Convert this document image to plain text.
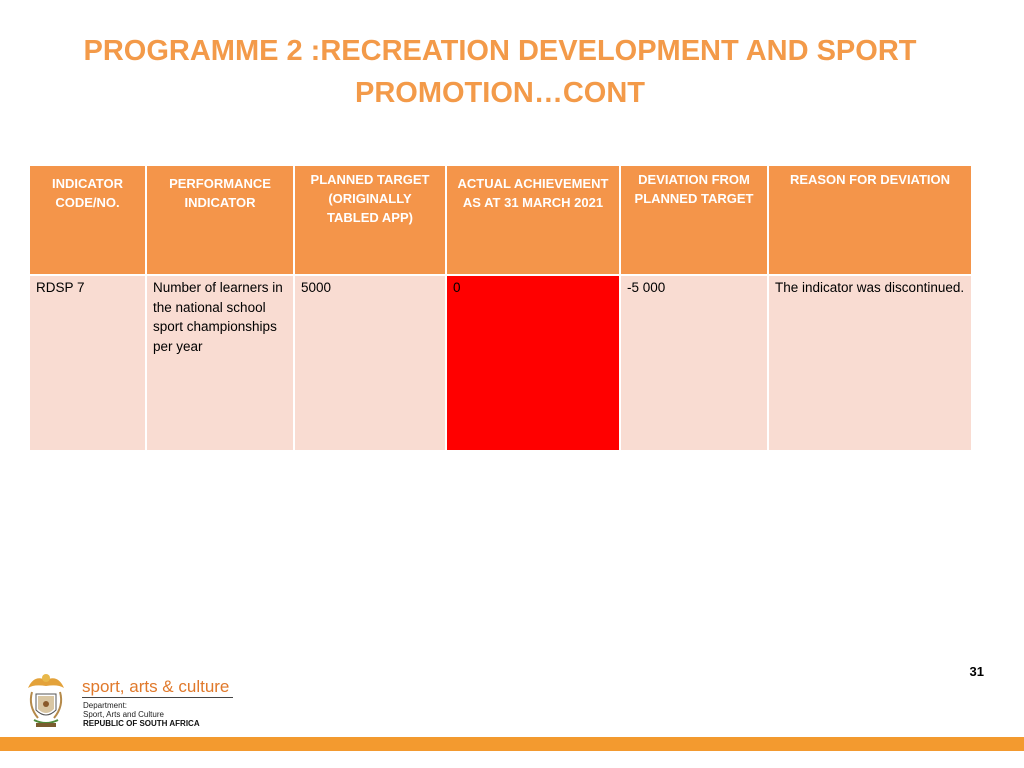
PROGRAMME 2 :RECREATION DEVELOPMENT AND SPORT
PROMOTION…CONT
INDICATOR CODE/NO.	PERFORMANCE INDICATOR	PLANNED TARGET (ORIGINALLY TABLED APP)	ACTUAL ACHIEVEMENT AS AT 31 MARCH 2021	DEVIATION FROM PLANNED TARGET	REASON FOR DEVIATION
RDSP 7	Number of learners in the national school sport championships per year	5000	0	-5 000	The indicator was discontinued.
31
sport, arts & culture
Department:
Sport, Arts and Culture
REPUBLIC OF SOUTH AFRICA
